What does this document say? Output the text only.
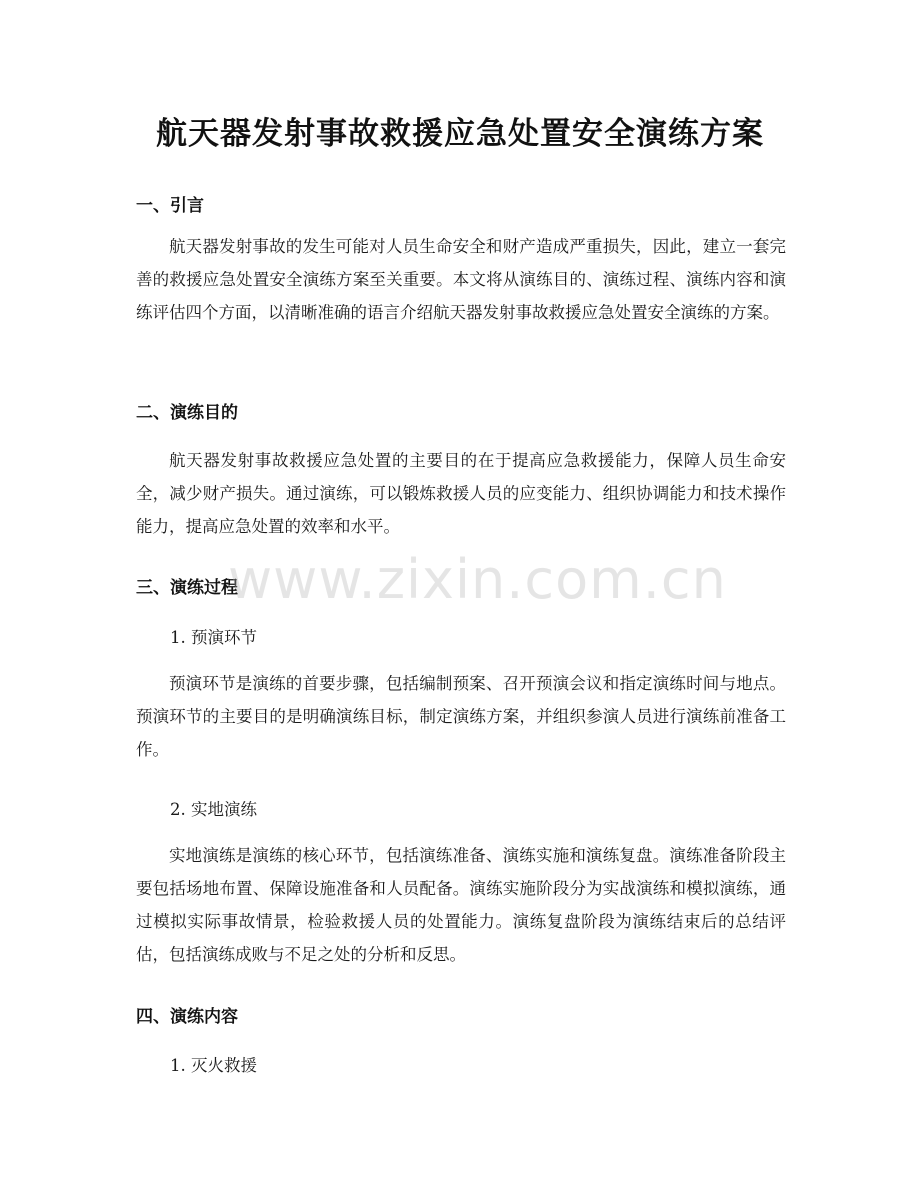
航天器发射事故救援应急处置安全演练方案
一、引言

航天器发射事故的发生可能对人员生命安全和财产造成严重损失，因此，建立一套完善的救援应急处置安全演练方案至关重要。本文将从演练目的、演练过程、演练内容和演练评估四个方面，以清晰准确的语言介绍航天器发射事故救援应急处置安全演练的方案。

二、演练目的

航天器发射事故救援应急处置的主要目的在于提高应急救援能力，保障人员生命安全，减少财产损失。通过演练，可以锻炼救援人员的应变能力、组织协调能力和技术操作能力，提高应急处置的效率和水平。

三、演练过程

1. 预演环节

预演环节是演练的首要步骤，包括编制预案、召开预演会议和指定演练时间与地点。预演环节的主要目的是明确演练目标，制定演练方案，并组织参演人员进行演练前准备工作。

2. 实地演练

实地演练是演练的核心环节，包括演练准备、演练实施和演练复盘。演练准备阶段主要包括场地布置、保障设施准备和人员配备。演练实施阶段分为实战演练和模拟演练，通过模拟实际事故情景，检验救援人员的处置能力。演练复盘阶段为演练结束后的总结评估，包括演练成败与不足之处的分析和反思。

四、演练内容

1. 灭火救援

www.zixin.com.cn
